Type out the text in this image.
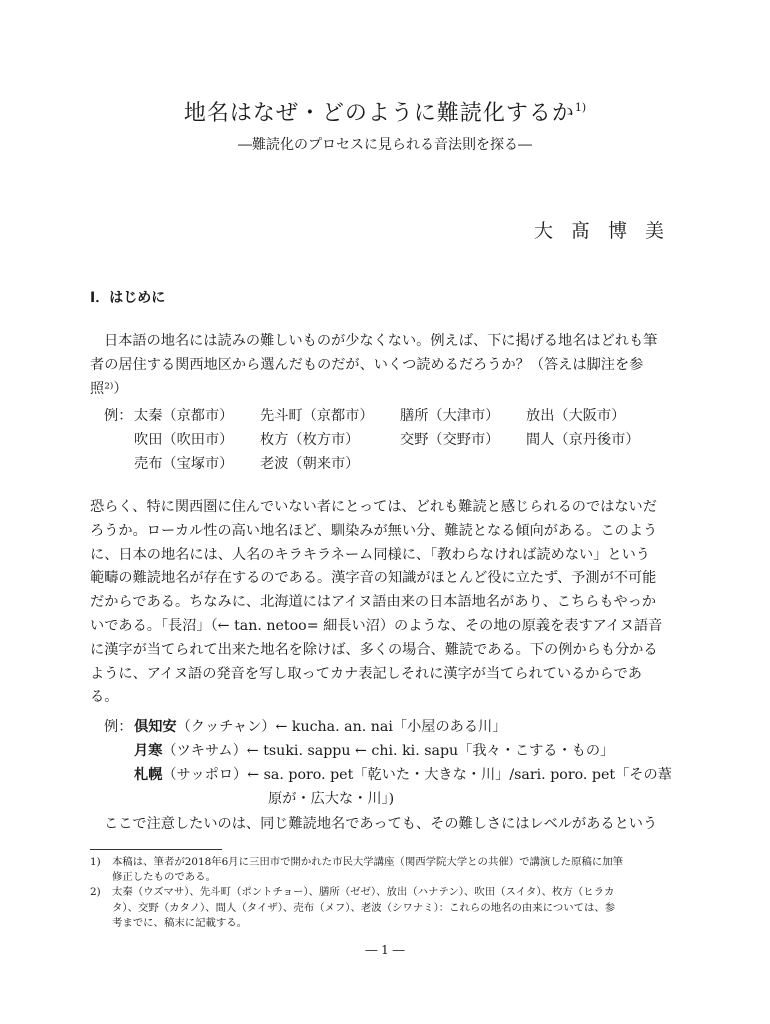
地名はなぜ・どのように難読化するか$^{1)}$
―難読化のプロセスに見られる音法則を探る―
大髙博美
Ⅰ．はじめに
日本語の地名には読みの難しいものが少なくない。例えば、下に掲げる地名はどれも筆
者の居住する関西地区から選んだものだが、いくつ読めるだろうか？（答えは脚注を参
照²⁾）
例： 太秦（京都市） 先斗町（京都市） 膳所（大津市） 放出（大阪市）
吹田（吹田市） 枚方（枚方市）	交野（交野市） 間人（京丹後市）
売布（宝塚市） 老波（朝来市）
恐らく、特に関西圏に住んでいない者にとっては、どれも難読と感じられるのではないだ
ろうか。ローカル性の高い地名ほど、馴染みが無い分、難読となる傾向がある。このよう
に、日本の地名には、人名のキラキラネーム同様に、「教わらなければ読めない」という
範疇の難読地名が存在するのである。漢字音の知識がほとんど役に立たず、予測が不可能
だからである。ちなみに、北海道にはアイヌ語由来の日本語地名があり、こちらもやっか
いである。「長沼」（← tan. netoo= 細長い沼）のような、その地の原義を表すアイヌ語音
に漢字が当てられて出来た地名を除けば、多くの場合、難読である。下の例からも分かる
ように、アイヌ語の発音を写し取ってカナ表記しそれに漢字が当てられているからであ
る。
例： 倶知安（クッチャン）← kucha. an. nai「小屋のある川」
月寒（ツキサム）← tsuki. sappu ← chi. ki. sapu「我々・こする・もの」
札幌（サッポロ）← sa. poro. pet「乾いた・大きな・川」/sari. poro. pet「その葦
原が・広大な・川」)
ここで注意したいのは、同じ難読地名であっても、その難しさにはレベルがあるという
1) 本稿は、筆者が2018年6月に三田市で開かれた市民大学講座（関西学院大学との共催）で講演した原稿に加筆
修正したものである。
2) 太秦（ウズマサ）、先斗町（ポントチョー）、膳所（ゼゼ）、放出（ハナテン）、吹田（スイタ）、枚方（ヒラカ
タ）、交野（カタノ）、間人（タイザ）、売布（メフ）、老波（シワナミ）：これらの地名の由来については、参
考までに、稿末に記載する。
― 1 ―
